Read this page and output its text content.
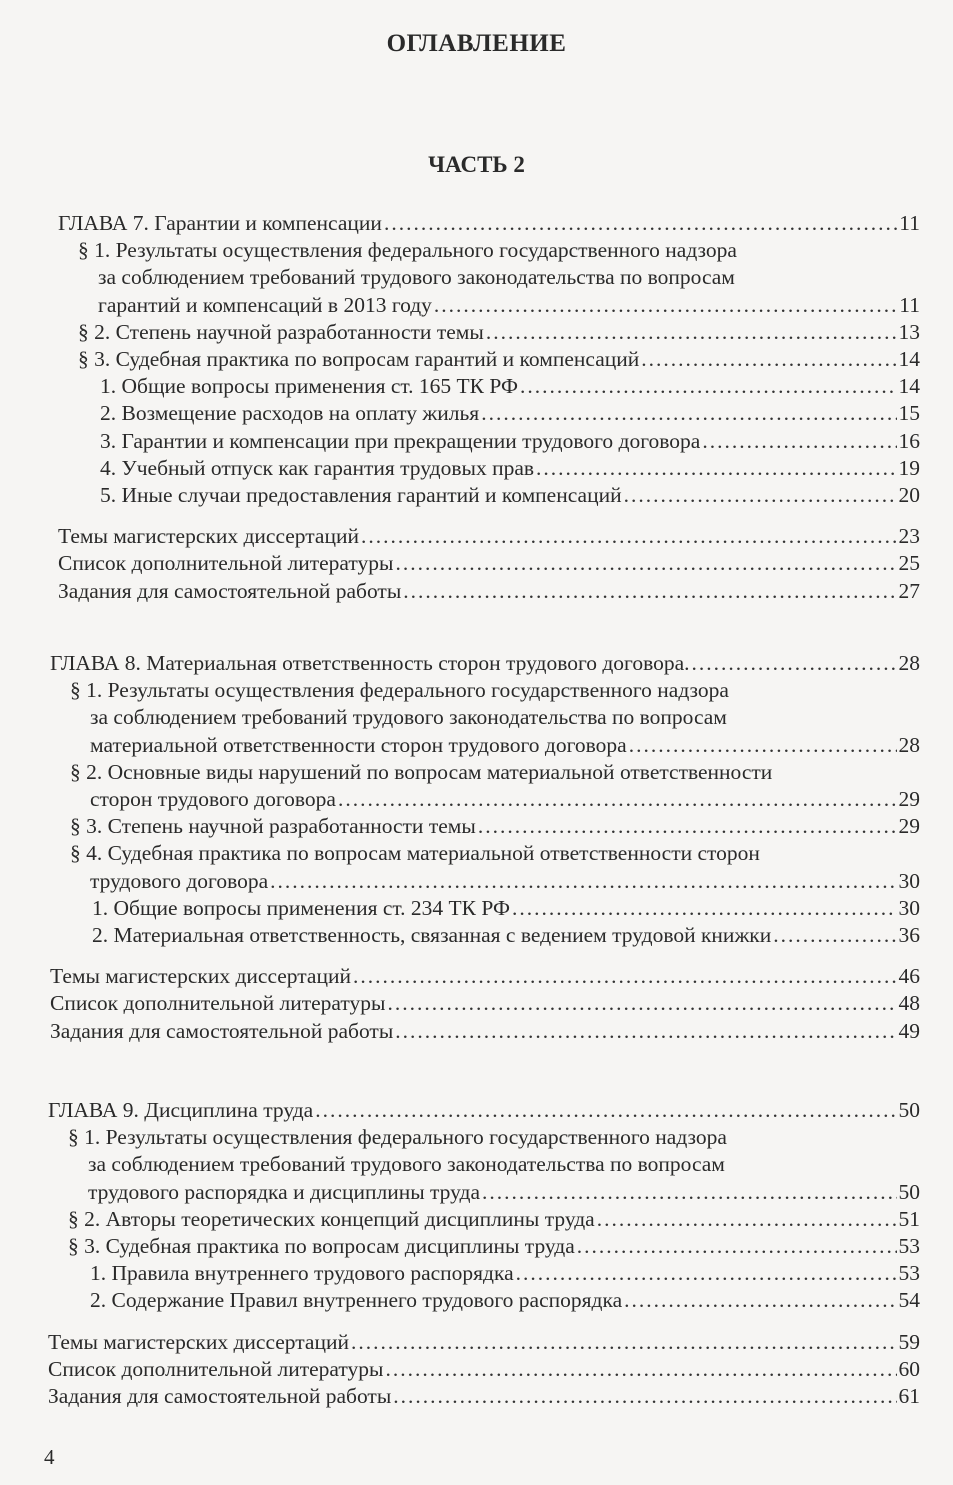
ОГЛАВЛЕНИЕ
ЧАСТЬ 2
ГЛАВА 7. Гарантии и компенсации .....	11
§ 1. Результаты осуществления федерального государственного надзора
за соблюдением требований трудового законодательства по вопросам
гарантий и компенсаций в 2013 году .....	11
§ 2. Степень научной разработанности темы .....	13
§ 3. Судебная практика по вопросам гарантий и компенсаций .....	14
1. Общие вопросы применения ст. 165 ТК РФ .....	14
2. Возмещение расходов на оплату жилья .....	15
3. Гарантии и компенсации при прекращении трудового договора .....	16
4. Учебный отпуск как гарантия трудовых прав .....	19
5. Иные случаи предоставления гарантий и компенсаций .....	20
Темы магистерских диссертаций .....	23
Список дополнительной литературы .....	25
Задания для самостоятельной работы .....	27
ГЛАВА 8. Материальная ответственность сторон трудового договора. .....	28
§ 1. Результаты осуществления федерального государственного надзора
за соблюдением требований трудового законодательства по вопросам
материальной ответственности сторон трудового договора .....	28
§ 2. Основные виды нарушений по вопросам материальной ответственности
сторон трудового договора .....	29
§ 3. Степень научной разработанности темы .....	29
§ 4. Судебная практика по вопросам материальной ответственности сторон
трудового договора .....	30
1. Общие вопросы применения ст. 234 ТК РФ .....	30
2. Материальная ответственность, связанная с ведением трудовой книжки .....	36
Темы магистерских диссертаций .....	46
Список дополнительной литературы .....	48
Задания для самостоятельной работы .....	49
ГЛАВА 9. Дисциплина труда .....	50
§ 1. Результаты осуществления федерального государственного надзора
за соблюдением требований трудового законодательства по вопросам
трудового распорядка и дисциплины труда .....	50
§ 2. Авторы теоретических концепций дисциплины труда .....	51
§ 3. Судебная практика по вопросам дисциплины труда .....	53
1. Правила внутреннего трудового распорядка .....	53
2. Содержание Правил внутреннего трудового распорядка .....	54
Темы магистерских диссертаций .....	59
Список дополнительной литературы .....	60
Задания для самостоятельной работы .....	61
4
